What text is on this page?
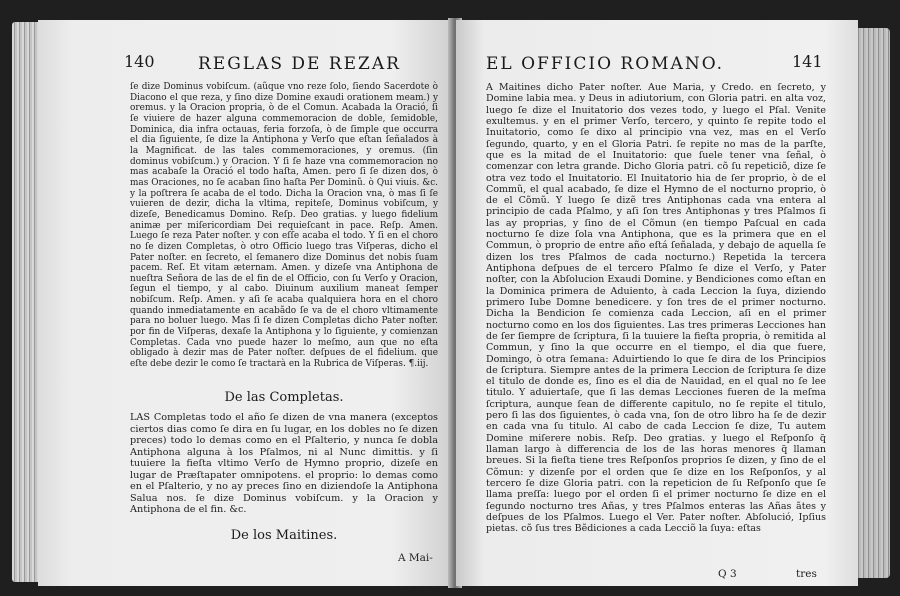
140	REGLAS DE REZAR
ſe dize Dominus vobiſcum. (aũque vno reze ſolo, ſiendo Sacerdote ò Diacono el que reza, y ſino dize Domine exaudi orationem meam.) y oremus. y la Oracion propria, ò de el Comun. Acabada la Oració, ſi ſe viuiere de hazer alguna commemoracion de doble, ſemidoble, Dominica, dia infra octauas, feria forzoſa, ò de ſimple que occurra el dia ſiguiente, ſe dize la Antiphona y Verſo que eſtan ſeñalados à la Magnificat. de las tales commemoraciones, y oremus. (ſin dominus vobiſcum.) y Oracion. Y ſi ſe haze vna commemoracion no mas acabaſe la Oració el todo haſta, Amen. pero ſi ſe dizen dos, ò mas Oraciones, no ſe acaban ſino haſta Per Dominũ. ò Qui viuis. &c. y la poſtrera ſe acaba de el todo. Dicha la Oracion vna, ò mas ſi ſe vuieren de dezir, dicha la vltima, repiteſe, Dominus vobiſcum, y dizeſe, Benedicamus Domino. Reſp. Deo gratias. y luego fidelium animæ per miſericordiam Dei requieſcant in pace. Reſp. Amen. Luego ſe reza Pater noſter. y con eſſe acaba el todo. Y ſi en el choro no ſe dizen Completas, ò otro Officio luego tras Viſperas, dicho el Pater noſter. en ſecreto, el ſemanero dize Dominus det nobis ſuam pacem. Reſ. Et vitam æternam. Amen. y dizeſe vna Antiphona de nueſtra Señora de las de el fin de el Officio, con ſu Verſo y Oracion, ſegun el tiempo, y al cabo. Diuinum auxilium maneat ſemper nobiſcum. Reſp. Amen. y aſi ſe acaba qualquiera hora en el choro quando inmediatamente en acabãdo ſe va de el choro vltimamente para no boluer luego. Mas ſi ſe dizen Completas dicho Pater noſter. por fin de Viſperas, dexaſe la Antiphona y lo ſiguiente, y comienzan Completas. Cada vno puede hazer lo meſmo, aun que no eſta obligado à dezir mas de Pater noſter. deſpues de el fidelium. que eſte debe dezir le como ſe tractarà en la Rubrica de Viſperas. ¶.iij.
De las Completas.
LAS Completas todo el año ſe dizen de vna manera (exceptos ciertos dias como ſe dira en ſu lugar, en los dobles no ſe dizen preces) todo lo demas como en el Pſalterio, y nunca ſe dobla Antiphona alguna à los Pſalmos, ni al Nunc dimittis. y ſi tuuiere la fieſta vltimo Verſo de Hymno proprio, dizeſe en lugar de Præſtapater omnipotens. el proprio: lo demas como en el Pſalterio, y no ay preces ſino en diziendoſe la Antiphona Salua nos. ſe dize Dominus vobiſcum. y la Oracion y Antiphona de el fin. &c.
De los Maitines.
A Mai-
EL OFFICIO ROMANO.	141
A Maitines dicho Pater noſter. Aue Maria, y Credo. en ſecreto, y Domine labia mea. y Deus in adiutorium, con Gloria patri. en alta voz, luego ſe dize el Inuitatorio dos vezes todo, y luego el Pſal. Venite exultemus. y en el primer Verſo, tercero, y quinto ſe repite todo el Inuitatorio, como ſe dixo al principio vna vez, mas en el Verſo ſegundo, quarto, y en el Gloria Patri. ſe repite no mas de la parſte, que es la mitad de el Inuitatorio: que ſuele tener vna ſeñal, ò comenzar con letra grande. Dicho Gloria patri. cõ ſu repeticiõ, dize ſe otra vez todo el Inuitatorio. El Inuitatorio hia de ſer proprio, ò de el Commũ, el qual acabado, ſe dize el Hymno de el nocturno proprio, ò de el Cõmũ. Y luego ſe dizẽ tres Antiphonas cada vna entera al principio de cada Pſalmo, y aſi ſon tres Antiphonas y tres Pſalmos ſi las ay proprias, y ſino de el Cõmun (en tiempo Paſcual en cada nocturno ſe dize ſola vna Antiphona, que es la primera que en el Commun, ò proprio de entre año eſtá ſeñalada, y debajo de aquella ſe dizen los tres Pſalmos de cada nocturno.) Repetida la tercera Antiphona deſpues de el tercero Pſalmo ſe dize el Verſo, y Pater noſter, con la Abſolucion Exaudi Domine. y Bendiciones como eſtan en la Dominica primera de Aduiento, à cada Leccion la ſuya, diziendo primero Iube Domne benedicere. y ſon tres de el primer nocturno. Dicha la Bendicion ſe comienza cada Leccion, aſi en el primer nocturno como en los dos ſiguientes. Las tres primeras Lecciones han de ſer ſiempre de ſcriptura, ſi la tuuiere la fieſta propria, ò remitida al Commun, y ſino la que occurre en el tiempo, el dia que fuere, Domingo, ò otra ſemana: Aduirtiendo lo que ſe dira de los Principios de ſcriptura. Siempre antes de la primera Leccion de ſcriptura ſe dize el titulo de donde es, ſino es el dia de Nauidad, en el qual no ſe lee titulo. Y aduiertaſe, que ſi las demas Lecciones fueren de la meſma ſcriptura, aunque ſean de differente capitulo, no ſe repite el titulo, pero ſi las dos ſiguientes, ò cada vna, ſon de otro libro ha ſe de dezir en cada vna ſu titulo. Al cabo de cada Leccion ſe dize, Tu autem Domine miſerere nobis. Reſp. Deo gratias. y luego el Reſponſo q̃ llaman largo à differencia de los de las horas menores q̃ llaman breues. Si la fieſta tiene tres Reſponſos proprios ſe dizen, y ſino de el Cõmun: y dizenſe por el orden que ſe dize en los Reſponſos, y al tercero ſe dize Gloria patri. con la repeticion de ſu Reſponſo que ſe llama preſſa: luego por el orden ſi el primer nocturno ſe dize en el ſegundo nocturno tres Añas, y tres Pſalmos enteras las Añas ãtes y deſpues de los Pſalmos. Luego el Ver. Pater noſter. Abſolució, Ipſius pietas. cõ ſus tres Bẽdiciones a cada Lecciõ la ſuya: eſtas
Q 3	tres
